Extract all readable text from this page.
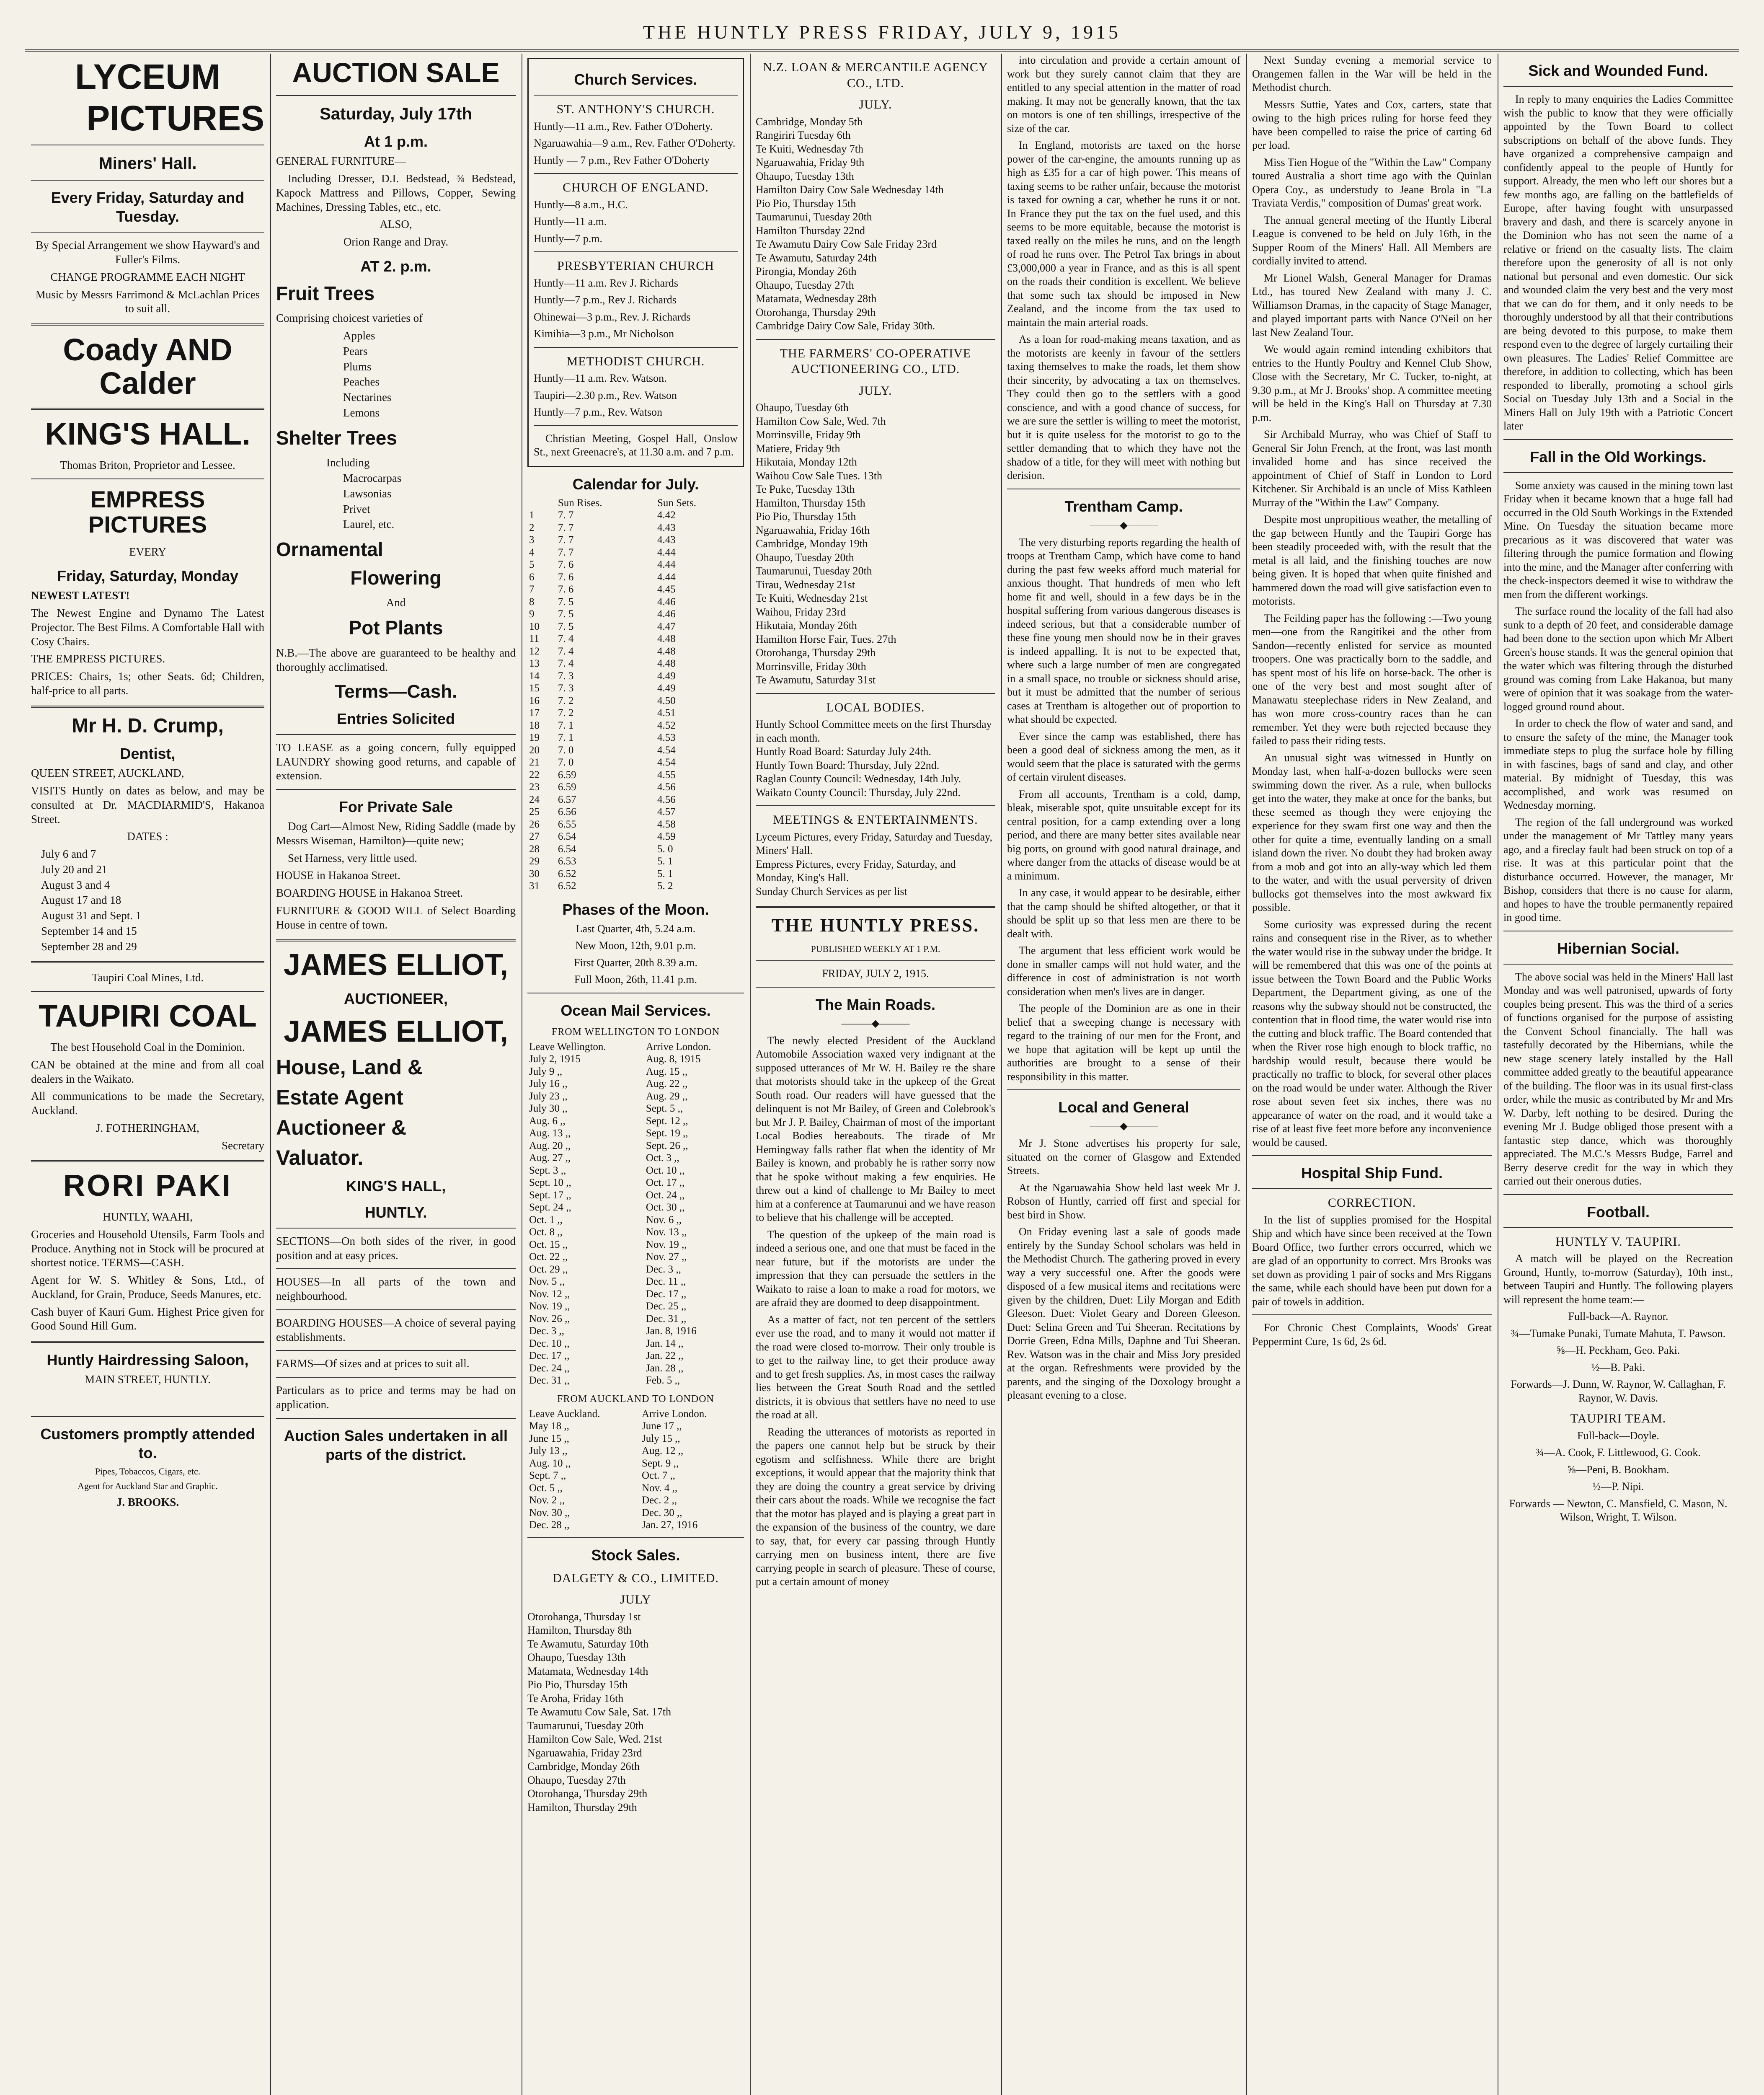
THE HUNTLY PRESS FRIDAY, JULY 9, 1915
LYCEUM
PICTURES
Miners' Hall.
Every Friday, Saturday and Tuesday.

By Special Arrangement we show Hayward's and Fuller's Films.

CHANGE PROGRAMME EACH NIGHT

Music by Messrs Farrimond & McLachlan Prices to suit all.

Coady AND Calder
KING'S HALL.

Thomas Briton, Proprietor and Lessee.

EMPRESS PICTURES

EVERY

Friday, Saturday, Monday

NEWEST LATEST!

The Newest Engine and Dynamo The Latest Projector. The Best Films. A Comfortable Hall with Cosy Chairs.

THE EMPRESS PICTURES.

PRICES: Chairs, 1s; other Seats. 6d; Children, half-price to all parts.

Mr H. D. Crump,
Dentist,

QUEEN STREET, AUCKLAND,

VISITS Huntly on dates as below, and may be consulted at Dr. MACDIARMID'S, Hakanoa Street.

DATES :

July 6 and 7

July 20 and 21

August 3 and 4

August 17 and 18

August 31 and Sept. 1

September 14 and 15

September 28 and 29

Taupiri Coal Mines, Ltd.

TAUPIRI COAL

The best Household Coal in the Dominion.

CAN be obtained at the mine and from all coal dealers in the Waikato.

All communications to be made the Secretary, Auckland.

J. FOTHERINGHAM,

Secretary

RORI PAKI

HUNTLY, WAAHI,

Groceries and Household Utensils, Farm Tools and Produce. Anything not in Stock will be procured at shortest notice. TERMS—CASH.

Agent for W. S. Whitley & Sons, Ltd., of Auckland, for Grain, Produce, Seeds Manures, etc.

Cash buyer of Kauri Gum. Highest Price given for Good Sound Hill Gum.

Huntly Hairdressing Saloon,

MAIN STREET, HUNTLY.

Customers promptly attended to.

Pipes, Tobaccos, Cigars, etc.

Agent for Auckland Star and Graphic.

J. BROOKS.

AUCTION SALE
Saturday, July 17th
At 1 p.m.

GENERAL FURNITURE—

Including Dresser, D.I. Bedstead, ¾ Bedstead, Kapock Mattress and Pillows, Copper, Sewing Machines, Dressing Tables, etc., etc.

ALSO,

Orion Range and Dray.

AT 2. p.m.
Fruit Trees

Comprising choicest varieties of

Apples

Pears

Plums

Peaches

Nectarines

Lemons

Shelter Trees

Including

Macrocarpas

Lawsonias

Privet

Laurel, etc.

Ornamental
Flowering

And

Pot Plants

N.B.—The above are guaranteed to be healthy and thoroughly acclimatised.

Terms—Cash.
Entries Solicited

TO LEASE as a going concern, fully equipped LAUNDRY showing good returns, and capable of extension.

For Private Sale

Dog Cart—Almost New, Riding Saddle (made by Messrs Wiseman, Hamilton)—quite new;

Set Harness, very little used.

HOUSE in Hakanoa Street.

BOARDING HOUSE in Hakanoa Street.

FURNITURE & GOOD WILL of Select Boarding House in centre of town.

JAMES ELLIOT,
AUCTIONEER,
JAMES ELLIOT,
House, Land &
Estate Agent
Auctioneer &
Valuator.
KING'S HALL,
HUNTLY.

SECTIONS—On both sides of the river, in good position and at easy prices.

HOUSES—In all parts of the town and neighbourhood.

BOARDING HOUSES—A choice of several paying establishments.

FARMS—Of sizes and at prices to suit all.

Particulars as to price and terms may be had on application.

Auction Sales undertaken in all parts of the district.
Church Services.
ST. ANTHONY'S CHURCH.

Huntly—11 a.m., Rev. Father O'Doherty.

Ngaruawahia—9 a.m., Rev. Father O'Doherty.

Huntly — 7 p.m., Rev Father O'Doherty

CHURCH OF ENGLAND.

Huntly—8 a.m., H.C.

Huntly—11 a.m.

Huntly—7 p.m.

PRESBYTERIAN CHURCH

Huntly—11 a.m. Rev J. Richards

Huntly—7 p.m., Rev J. Richards

Ohinewai—3 p.m., Rev. J. Richards

Kimihia—3 p.m., Mr Nicholson

METHODIST CHURCH.

Huntly—11 a.m. Rev. Watson.

Taupiri—2.30 p.m., Rev. Watson

Huntly—7 p.m., Rev. Watson

Christian Meeting, Gospel Hall, Onslow St., next Greenacre's, at 11.30 a.m. and 7 p.m.

Calendar for July.
	Sun Rises.	Sun Sets.
1	7. 7	4.42
2	7. 7	4.43
3	7. 7	4.43
4	7. 7	4.44
5	7. 6	4.44
6	7. 6	4.44
7	7. 6	4.45
8	7. 5	4.46
9	7. 5	4.46
10	7. 5	4.47
11	7. 4	4.48
12	7. 4	4.48
13	7. 4	4.48
14	7. 3	4.49
15	7. 3	4.49
16	7. 2	4.50
17	7. 2	4.51
18	7. 1	4.52
19	7. 1	4.53
20	7. 0	4.54
21	7. 0	4.54
22	6.59	4.55
23	6.59	4.56
24	6.57	4.56
25	6.56	4.57
26	6.55	4.58
27	6.54	4.59
28	6.54	5. 0
29	6.53	5. 1
30	6.52	5. 1
31	6.52	5. 2
Phases of the Moon.

Last Quarter, 4th, 5.24 a.m.

New Moon, 12th, 9.01 p.m.

First Quarter, 20th 8.39 a.m.

Full Moon, 26th, 11.41 p.m.

Ocean Mail Services.
FROM WELLINGTON TO LONDON
Leave Wellington.	Arrive London.
July 2, 1915	Aug. 8, 1915
July 9 ,,	Aug. 15 ,,
July 16 ,,	Aug. 22 ,,
July 23 ,,	Aug. 29 ,,
July 30 ,,	Sept. 5 ,,
Aug. 6 ,,	Sept. 12 ,,
Aug. 13 ,,	Sept. 19 ,,
Aug. 20 ,,	Sept. 26 ,,
Aug. 27 ,,	Oct. 3 ,,
Sept. 3 ,,	Oct. 10 ,,
Sept. 10 ,,	Oct. 17 ,,
Sept. 17 ,,	Oct. 24 ,,
Sept. 24 ,,	Oct. 30 ,,
Oct. 1 ,,	Nov. 6 ,,
Oct. 8 ,,	Nov. 13 ,,
Oct. 15 ,,	Nov. 19 ,,
Oct. 22 ,,	Nov. 27 ,,
Oct. 29 ,,	Dec. 3 ,,
Nov. 5 ,,	Dec. 11 ,,
Nov. 12 ,,	Dec. 17 ,,
Nov. 19 ,,	Dec. 25 ,,
Nov. 26 ,,	Dec. 31 ,,
Dec. 3 ,,	Jan. 8, 1916
Dec. 10 ,,	Jan. 14 ,,
Dec. 17 ,,	Jan. 22 ,,
Dec. 24 ,,	Jan. 28 ,,
Dec. 31 ,,	Feb. 5 ,,
FROM AUCKLAND TO LONDON
Leave Auckland.	Arrive London.
May 18 ,,	June 17 ,,
June 15 ,,	July 15 ,,
July 13 ,,	Aug. 12 ,,
Aug. 10 ,,	Sept. 9 ,,
Sept. 7 ,,	Oct. 7 ,,
Oct. 5 ,,	Nov. 4 ,,
Nov. 2 ,,	Dec. 2 ,,
Nov. 30 ,,	Dec. 30 ,,
Dec. 28 ,,	Jan. 27, 1916
Stock Sales.
DALGETY & CO., LIMITED.
JULY

Otorohanga, Thursday 1st

Hamilton, Thursday 8th

Te Awamutu, Saturday 10th

Ohaupo, Tuesday 13th

Matamata, Wednesday 14th

Pio Pio, Thursday 15th

Te Aroha, Friday 16th

Te Awamutu Cow Sale, Sat. 17th

Taumarunui, Tuesday 20th

Hamilton Cow Sale, Wed. 21st

Ngaruawahia, Friday 23rd

Cambridge, Monday 26th

Ohaupo, Tuesday 27th

Otorohanga, Thursday 29th

Hamilton, Thursday 29th

N.Z. LOAN & MERCANTILE AGENCY CO., LTD.
JULY.

Cambridge, Monday 5th

Rangiriri Tuesday 6th

Te Kuiti, Wednesday 7th

Ngaruawahia, Friday 9th

Ohaupo, Tuesday 13th

Hamilton Dairy Cow Sale Wednesday 14th

Pio Pio, Thursday 15th

Taumarunui, Tuesday 20th

Hamilton Thursday 22nd

Te Awamutu Dairy Cow Sale Friday 23rd

Te Awamutu, Saturday 24th

Pirongia, Monday 26th

Ohaupo, Tuesday 27th

Matamata, Wednesday 28th

Otorohanga, Thursday 29th

Cambridge Dairy Cow Sale, Friday 30th.

THE FARMERS' CO-OPERATIVE AUCTIONEERING CO., LTD.
JULY.

Ohaupo, Tuesday 6th

Hamilton Cow Sale, Wed. 7th

Morrinsville, Friday 9th

Matiere, Friday 9th

Hikutaia, Monday 12th

Waihou Cow Sale Tues. 13th

Te Puke, Tuesday 13th

Hamilton, Thursday 15th

Pio Pio, Thursday 15th

Ngaruawahia, Friday 16th

Cambridge, Monday 19th

Ohaupo, Tuesday 20th

Taumarunui, Tuesday 20th

Tirau, Wednesday 21st

Te Kuiti, Wednesday 21st

Waihou, Friday 23rd

Hikutaia, Monday 26th

Hamilton Horse Fair, Tues. 27th

Otorohanga, Thursday 29th

Morrinsville, Friday 30th

Te Awamutu, Saturday 31st

LOCAL BODIES.

Huntly School Committee meets on the first Thursday in each month.

Huntly Road Board: Saturday July 24th.

Huntly Town Board: Thursday, July 22nd.

Raglan County Council: Wednesday, 14th July.

Waikato County Council: Thursday, July 22nd.

MEETINGS & ENTERTAINMENTS.

Lyceum Pictures, every Friday, Saturday and Tuesday, Miners' Hall.

Empress Pictures, every Friday, Saturday, and Monday, King's Hall.

Sunday Church Services as per list

THE HUNTLY PRESS.

PUBLISHED WEEKLY AT 1 P.M.

FRIDAY, JULY 2, 1915.

The Main Roads.
———◆———

The newly elected President of the Auckland Automobile Association waxed very indignant at the supposed utterances of Mr W. H. Bailey re the share that motorists should take in the upkeep of the Great South road. Our readers will have guessed that the delinquent is not Mr Bailey, of Green and Colebrook's but Mr J. P. Bailey, Chairman of most of the important Local Bodies hereabouts. The tirade of Mr Hemingway falls rather flat when the identity of Mr Bailey is known, and probably he is rather sorry now that he spoke without making a few enquiries. He threw out a kind of challenge to Mr Bailey to meet him at a conference at Taumarunui and we have reason to believe that his challenge will be accepted.

The question of the upkeep of the main road is indeed a serious one, and one that must be faced in the near future, but if the motorists are under the impression that they can persuade the settlers in the Waikato to raise a loan to make a road for motors, we are afraid they are doomed to deep disappointment.

As a matter of fact, not ten percent of the settlers ever use the road, and to many it would not matter if the road were closed to-morrow. Their only trouble is to get to the railway line, to get their produce away and to get fresh supplies. As, in most cases the railway lies between the Great South Road and the settled districts, it is obvious that settlers have no need to use the road at all.

Reading the utterances of motorists as reported in the papers one cannot help but be struck by their egotism and selfishness. While there are bright exceptions, it would appear that the majority think that they are doing the country a great service by driving their cars about the roads. While we recognise the fact that the motor has played and is playing a great part in the expansion of the business of the country, we dare to say, that, for every car passing through Huntly carrying men on business intent, there are five carrying people in search of pleasure. These of course, put a certain amount of money

into circulation and provide a certain amount of work but they surely cannot claim that they are entitled to any special attention in the matter of road making. It may not be generally known, that the tax on motors is one of ten shillings, irrespective of the size of the car.

In England, motorists are taxed on the horse power of the car-engine, the amounts running up as high as £35 for a car of high power. This means of taxing seems to be rather unfair, because the motorist is taxed for owning a car, whether he runs it or not. In France they put the tax on the fuel used, and this seems to be more equitable, because the motorist is taxed really on the miles he runs, and on the length of road he runs over. The Petrol Tax brings in about £3,000,000 a year in France, and as this is all spent on the roads their condition is excellent. We believe that some such tax should be imposed in New Zealand, and the income from the tax used to maintain the main arterial roads.

As a loan for road-making means taxation, and as the motorists are keenly in favour of the settlers taxing themselves to make the roads, let them show their sincerity, by advocating a tax on themselves. They could then go to the settlers with a good conscience, and with a good chance of success, for we are sure the settler is willing to meet the motorist, but it is quite useless for the motorist to go to the settler demanding that to which they have not the shadow of a title, for they will meet with nothing but derision.

Trentham Camp.
———◆———

The very disturbing reports regarding the health of troops at Trentham Camp, which have come to hand during the past few weeks afford much material for anxious thought. That hundreds of men who left home fit and well, should in a few days be in the hospital suffering from various dangerous diseases is indeed serious, but that a considerable number of these fine young men should now be in their graves is indeed appalling. It is not to be expected that, where such a large number of men are congregated in a small space, no trouble or sickness should arise, but it must be admitted that the number of serious cases at Trentham is altogether out of proportion to what should be expected.

Ever since the camp was established, there has been a good deal of sickness among the men, as it would seem that the place is saturated with the germs of certain virulent diseases.

From all accounts, Trentham is a cold, damp, bleak, miserable spot, quite unsuitable except for its central position, for a camp extending over a long period, and there are many better sites available near big ports, on ground with good natural drainage, and where danger from the attacks of disease would be at a minimum.

In any case, it would appear to be desirable, either that the camp should be shifted altogether, or that it should be split up so that less men are there to be dealt with.

The argument that less efficient work would be done in smaller camps will not hold water, and the difference in cost of administration is not worth consideration when men's lives are in danger.

The people of the Dominion are as one in their belief that a sweeping change is necessary with regard to the training of our men for the Front, and we hope that agitation will be kept up until the authorities are brought to a sense of their responsibility in this matter.

Local and General
———◆———

Mr J. Stone advertises his property for sale, situated on the corner of Glasgow and Extended Streets.

At the Ngaruawahia Show held last week Mr J. Robson of Huntly, carried off first and special for best bird in Show.

On Friday evening last a sale of goods made entirely by the Sunday School scholars was held in the Methodist Church. The gathering proved in every way a very successful one. After the goods were disposed of a few musical items and recitations were given by the children, Duet: Lily Morgan and Edith Gleeson. Duet: Violet Geary and Doreen Gleeson. Duet: Selina Green and Tui Sheeran. Recitations by Dorrie Green, Edna Mills, Daphne and Tui Sheeran. Rev. Watson was in the chair and Miss Jory presided at the organ. Refreshments were provided by the parents, and the singing of the Doxology brought a pleasant evening to a close.

Next Sunday evening a memorial service to Orangemen fallen in the War will be held in the Methodist church.

Messrs Suttie, Yates and Cox, carters, state that owing to the high prices ruling for horse feed they have been compelled to raise the price of carting 6d per load.

Miss Tien Hogue of the "Within the Law" Company toured Australia a short time ago with the Quinlan Opera Coy., as understudy to Jeane Brola in "La Traviata Verdis," composition of Dumas' great work.

The annual general meeting of the Huntly Liberal League is convened to be held on July 16th, in the Supper Room of the Miners' Hall. All Members are cordially invited to attend.

Mr Lionel Walsh, General Manager for Dramas Ltd., has toured New Zealand with many J. C. Williamson Dramas, in the capacity of Stage Manager, and played important parts with Nance O'Neil on her last New Zealand Tour.

We would again remind intending exhibitors that entries to the Huntly Poultry and Kennel Club Show, Close with the Secretary, Mr C. Tucker, to-night, at 9.30 p.m., at Mr J. Brooks' shop. A committee meeting will be held in the King's Hall on Thursday at 7.30 p.m.

Sir Archibald Murray, who was Chief of Staff to General Sir John French, at the front, was last month invalided home and has since received the appointment of Chief of Staff in London to Lord Kitchener. Sir Archibald is an uncle of Miss Kathleen Murray of the "Within the Law" Company.

Despite most unpropitious weather, the metalling of the gap between Huntly and the Taupiri Gorge has been steadily proceeded with, with the result that the metal is all laid, and the finishing touches are now being given. It is hoped that when quite finished and hammered down the road will give satisfaction even to motorists.

The Feilding paper has the following :—Two young men—one from the Rangitikei and the other from Sandon—recently enlisted for service as mounted troopers. One was practically born to the saddle, and has spent most of his life on horse-back. The other is one of the very best and most sought after of Manawatu steeplechase riders in New Zealand, and has won more cross-country races than he can remember. Yet they were both rejected because they failed to pass their riding tests.

An unusual sight was witnessed in Huntly on Monday last, when half-a-dozen bullocks were seen swimming down the river. As a rule, when bullocks get into the water, they make at once for the banks, but these seemed as though they were enjoying the experience for they swam first one way and then the other for quite a time, eventually landing on a small island down the river. No doubt they had broken away from a mob and got into an ally-way which led them to the water, and with the usual perversity of driven bullocks got themselves into the most awkward fix possible.

Some curiosity was expressed during the recent rains and consequent rise in the River, as to whether the water would rise in the subway under the bridge. It will be remembered that this was one of the points at issue between the Town Board and the Public Works Department, the Department giving, as one of the reasons why the subway should not be constructed, the contention that in flood time, the water would rise into the cutting and block traffic. The Board contended that when the River rose high enough to block traffic, no hardship would result, because there would be practically no traffic to block, for several other places on the road would be under water. Although the River rose about seven feet six inches, there was no appearance of water on the road, and it would take a rise of at least five feet more before any inconvenience would be caused.

Hospital Ship Fund.
CORRECTION.

In the list of supplies promised for the Hospital Ship and which have since been received at the Town Board Office, two further errors occurred, which we are glad of an opportunity to correct. Mrs Brooks was set down as providing 1 pair of socks and Mrs Riggans the same, while each should have been put down for a pair of towels in addition.

For Chronic Chest Complaints, Woods' Great Peppermint Cure, 1s 6d, 2s 6d.

Sick and Wounded Fund.

In reply to many enquiries the Ladies Committee wish the public to know that they were officially appointed by the Town Board to collect subscriptions on behalf of the above funds. They have organized a comprehensive campaign and confidently appeal to the people of Huntly for support. Already, the men who left our shores but a few months ago, are falling on the battlefields of Europe, after having fought with unsurpassed bravery and dash, and there is scarcely anyone in the Dominion who has not seen the name of a relative or friend on the casualty lists. The claim therefore upon the generosity of all is not only national but personal and even domestic. Our sick and wounded claim the very best and the very most that we can do for them, and it only needs to be thoroughly understood by all that their contributions are being devoted to this purpose, to make them respond even to the degree of largely curtailing their own pleasures. The Ladies' Relief Committee are therefore, in addition to collecting, which has been responded to liberally, promoting a school girls Social on Tuesday July 13th and a Social in the Miners Hall on July 19th with a Patriotic Concert later

Fall in the Old Workings.

Some anxiety was caused in the mining town last Friday when it became known that a huge fall had occurred in the Old South Workings in the Extended Mine. On Tuesday the situation became more precarious as it was discovered that water was filtering through the pumice formation and flowing into the mine, and the Manager after conferring with the check-inspectors deemed it wise to withdraw the men from the different workings.

The surface round the locality of the fall had also sunk to a depth of 20 feet, and considerable damage had been done to the section upon which Mr Albert Green's house stands. It was the general opinion that the water which was filtering through the disturbed ground was coming from Lake Hakanoa, but many were of opinion that it was soakage from the water-logged ground round about.

In order to check the flow of water and sand, and to ensure the safety of the mine, the Manager took immediate steps to plug the surface hole by filling in with fascines, bags of sand and clay, and other material. By midnight of Tuesday, this was accomplished, and work was resumed on Wednesday morning.

The region of the fall underground was worked under the management of Mr Tattley many years ago, and a fireclay fault had been struck on top of a rise. It was at this particular point that the disturbance occurred. However, the manager, Mr Bishop, considers that there is no cause for alarm, and hopes to have the trouble permanently repaired in good time.

Hibernian Social.

The above social was held in the Miners' Hall last Monday and was well patronised, upwards of forty couples being present. This was the third of a series of functions organised for the purpose of assisting the Convent School financially. The hall was tastefully decorated by the Hibernians, while the new stage scenery lately installed by the Hall committee added greatly to the beautiful appearance of the building. The floor was in its usual first-class order, while the music as contributed by Mr and Mrs W. Darby, left nothing to be desired. During the evening Mr J. Budge obliged those present with a fantastic step dance, which was thoroughly appreciated. The M.C.'s Messrs Budge, Farrel and Berry deserve credit for the way in which they carried out their onerous duties.

Football.
HUNTLY V. TAUPIRI.

A match will be played on the Recreation Ground, Huntly, to-morrow (Saturday), 10th inst., between Taupiri and Huntly. The following players will represent the home team:—

Full-back—A. Raynor.

¾—Tumake Punaki, Tumate Mahuta, T. Pawson.

⅝—H. Peckham, Geo. Paki.

½—B. Paki.

Forwards—J. Dunn, W. Raynor, W. Callaghan, F. Raynor, W. Davis.

TAUPIRI TEAM.

Full-back—Doyle.

¾—A. Cook, F. Littlewood, G. Cook.

⅝—Peni, B. Bookham.

½—P. Nipi.

Forwards — Newton, C. Mansfield, C. Mason, N. Wilson, Wright, T. Wilson.
